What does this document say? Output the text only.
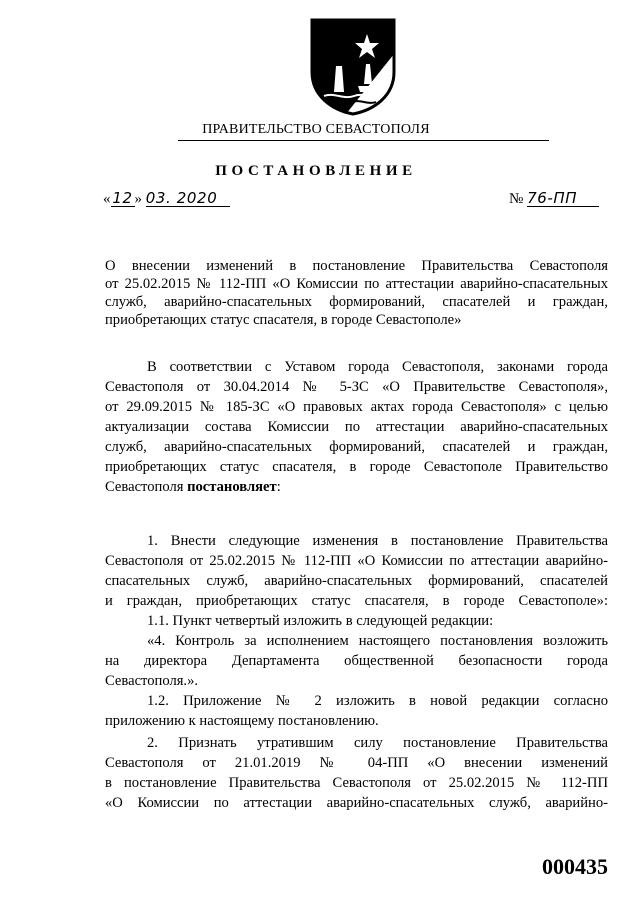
ПРАВИТЕЛЬСТВО СЕВАСТОПОЛЯ
ПОСТАНОВЛЕНИЕ
« 12 » 03. 2020	№ 76-ПП
О внесении изменений в постановление Правительства Севастополя
от 25.02.2015 № 112-ПП «О Комиссии по аттестации аварийно-спасательных
служб, аварийно-спасательных формирований, спасателей и граждан,
приобретающих статус спасателя, в городе Севастополе»
В соответствии с Уставом города Севастополя, законами города
Севастополя от 30.04.2014 № 5-ЗС «О Правительстве Севастополя»,
от 29.09.2015 № 185-ЗС «О правовых актах города Севастополя» с целью
актуализации состава Комиссии по аттестации аварийно-спасательных
служб, аварийно-спасательных формирований, спасателей и граждан,
приобретающих статус спасателя, в городе Севастополе Правительство
Севастополя постановляет:
1. Внести следующие изменения в постановление Правительства
Севастополя от 25.02.2015 № 112-ПП «О Комиссии по аттестации аварийно-
спасательных служб, аварийно-спасательных формирований, спасателей
и граждан, приобретающих статус спасателя, в городе Севастополе»:
1.1. Пункт четвертый изложить в следующей редакции:
«4. Контроль за исполнением настоящего постановления возложить
на директора Департамента общественной безопасности города
Севастополя.».
1.2. Приложение № 2 изложить в новой редакции согласно
приложению к настоящему постановлению.
2. Признать утратившим силу постановление Правительства
Севастополя от 21.01.2019 № 04-ПП «О внесении изменений
в постановление Правительства Севастополя от 25.02.2015 № 112-ПП
«О Комиссии по аттестации аварийно-спасательных служб, аварийно-
000435
